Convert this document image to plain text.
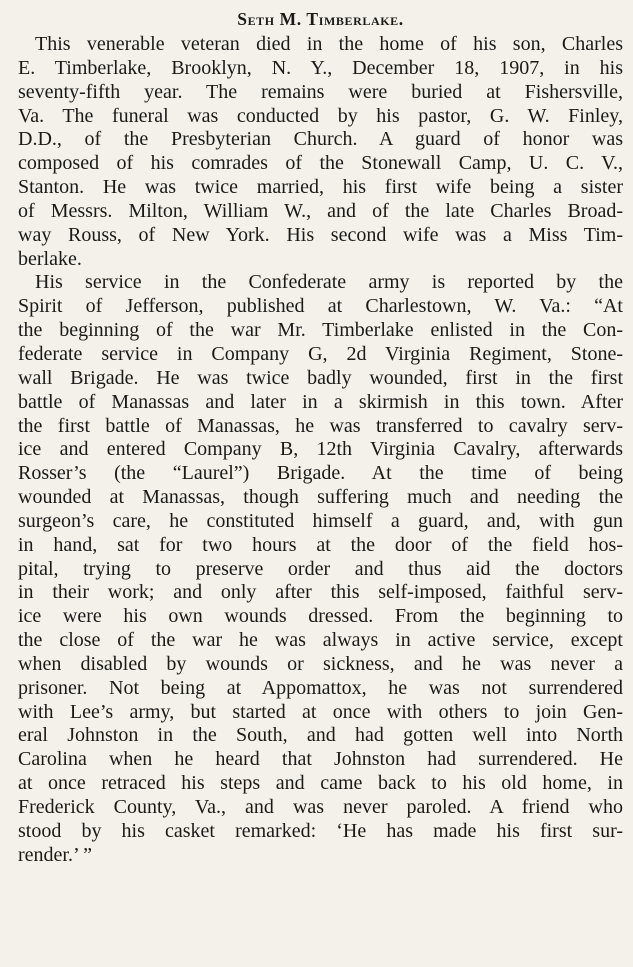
Seth M. Timberlake.

This venerable veteran died in the home of his son, Charles
E. Timberlake, Brooklyn, N. Y., December 18, 1907, in his
seventy-fifth year. The remains were buried at Fishersville,
Va. The funeral was conducted by his pastor, G. W. Finley,
D.D., of the Presbyterian Church. A guard of honor was
composed of his comrades of the Stonewall Camp, U. C. V.,
Stanton. He was twice married, his first wife being a sister
of Messrs. Milton, William W., and of the late Charles Broad-
way Rouss, of New York. His second wife was a Miss Tim-
berlake.

His service in the Confederate army is reported by the
Spirit of Jefferson, published at Charlestown, W. Va.: “At
the beginning of the war Mr. Timberlake enlisted in the Con-
federate service in Company G, 2d Virginia Regiment, Stone-
wall Brigade. He was twice badly wounded, first in the first
battle of Manassas and later in a skirmish in this town. After
the first battle of Manassas, he was transferred to cavalry serv-
ice and entered Company B, 12th Virginia Cavalry, afterwards
Rosser’s (the “Laurel”) Brigade. At the time of being
wounded at Manassas, though suffering much and needing the
surgeon’s care, he constituted himself a guard, and, with gun
in hand, sat for two hours at the door of the field hos-
pital, trying to preserve order and thus aid the doctors
in their work; and only after this self-imposed, faithful serv-
ice were his own wounds dressed. From the beginning to
the close of the war he was always in active service, except
when disabled by wounds or sickness, and he was never a
prisoner. Not being at Appomattox, he was not surrendered
with Lee’s army, but started at once with others to join Gen-
eral Johnston in the South, and had gotten well into North
Carolina when he heard that Johnston had surrendered. He
at once retraced his steps and came back to his old home, in
Frederick County, Va., and was never paroled. A friend who
stood by his casket remarked: ‘He has made his first sur-
render.’ ”
